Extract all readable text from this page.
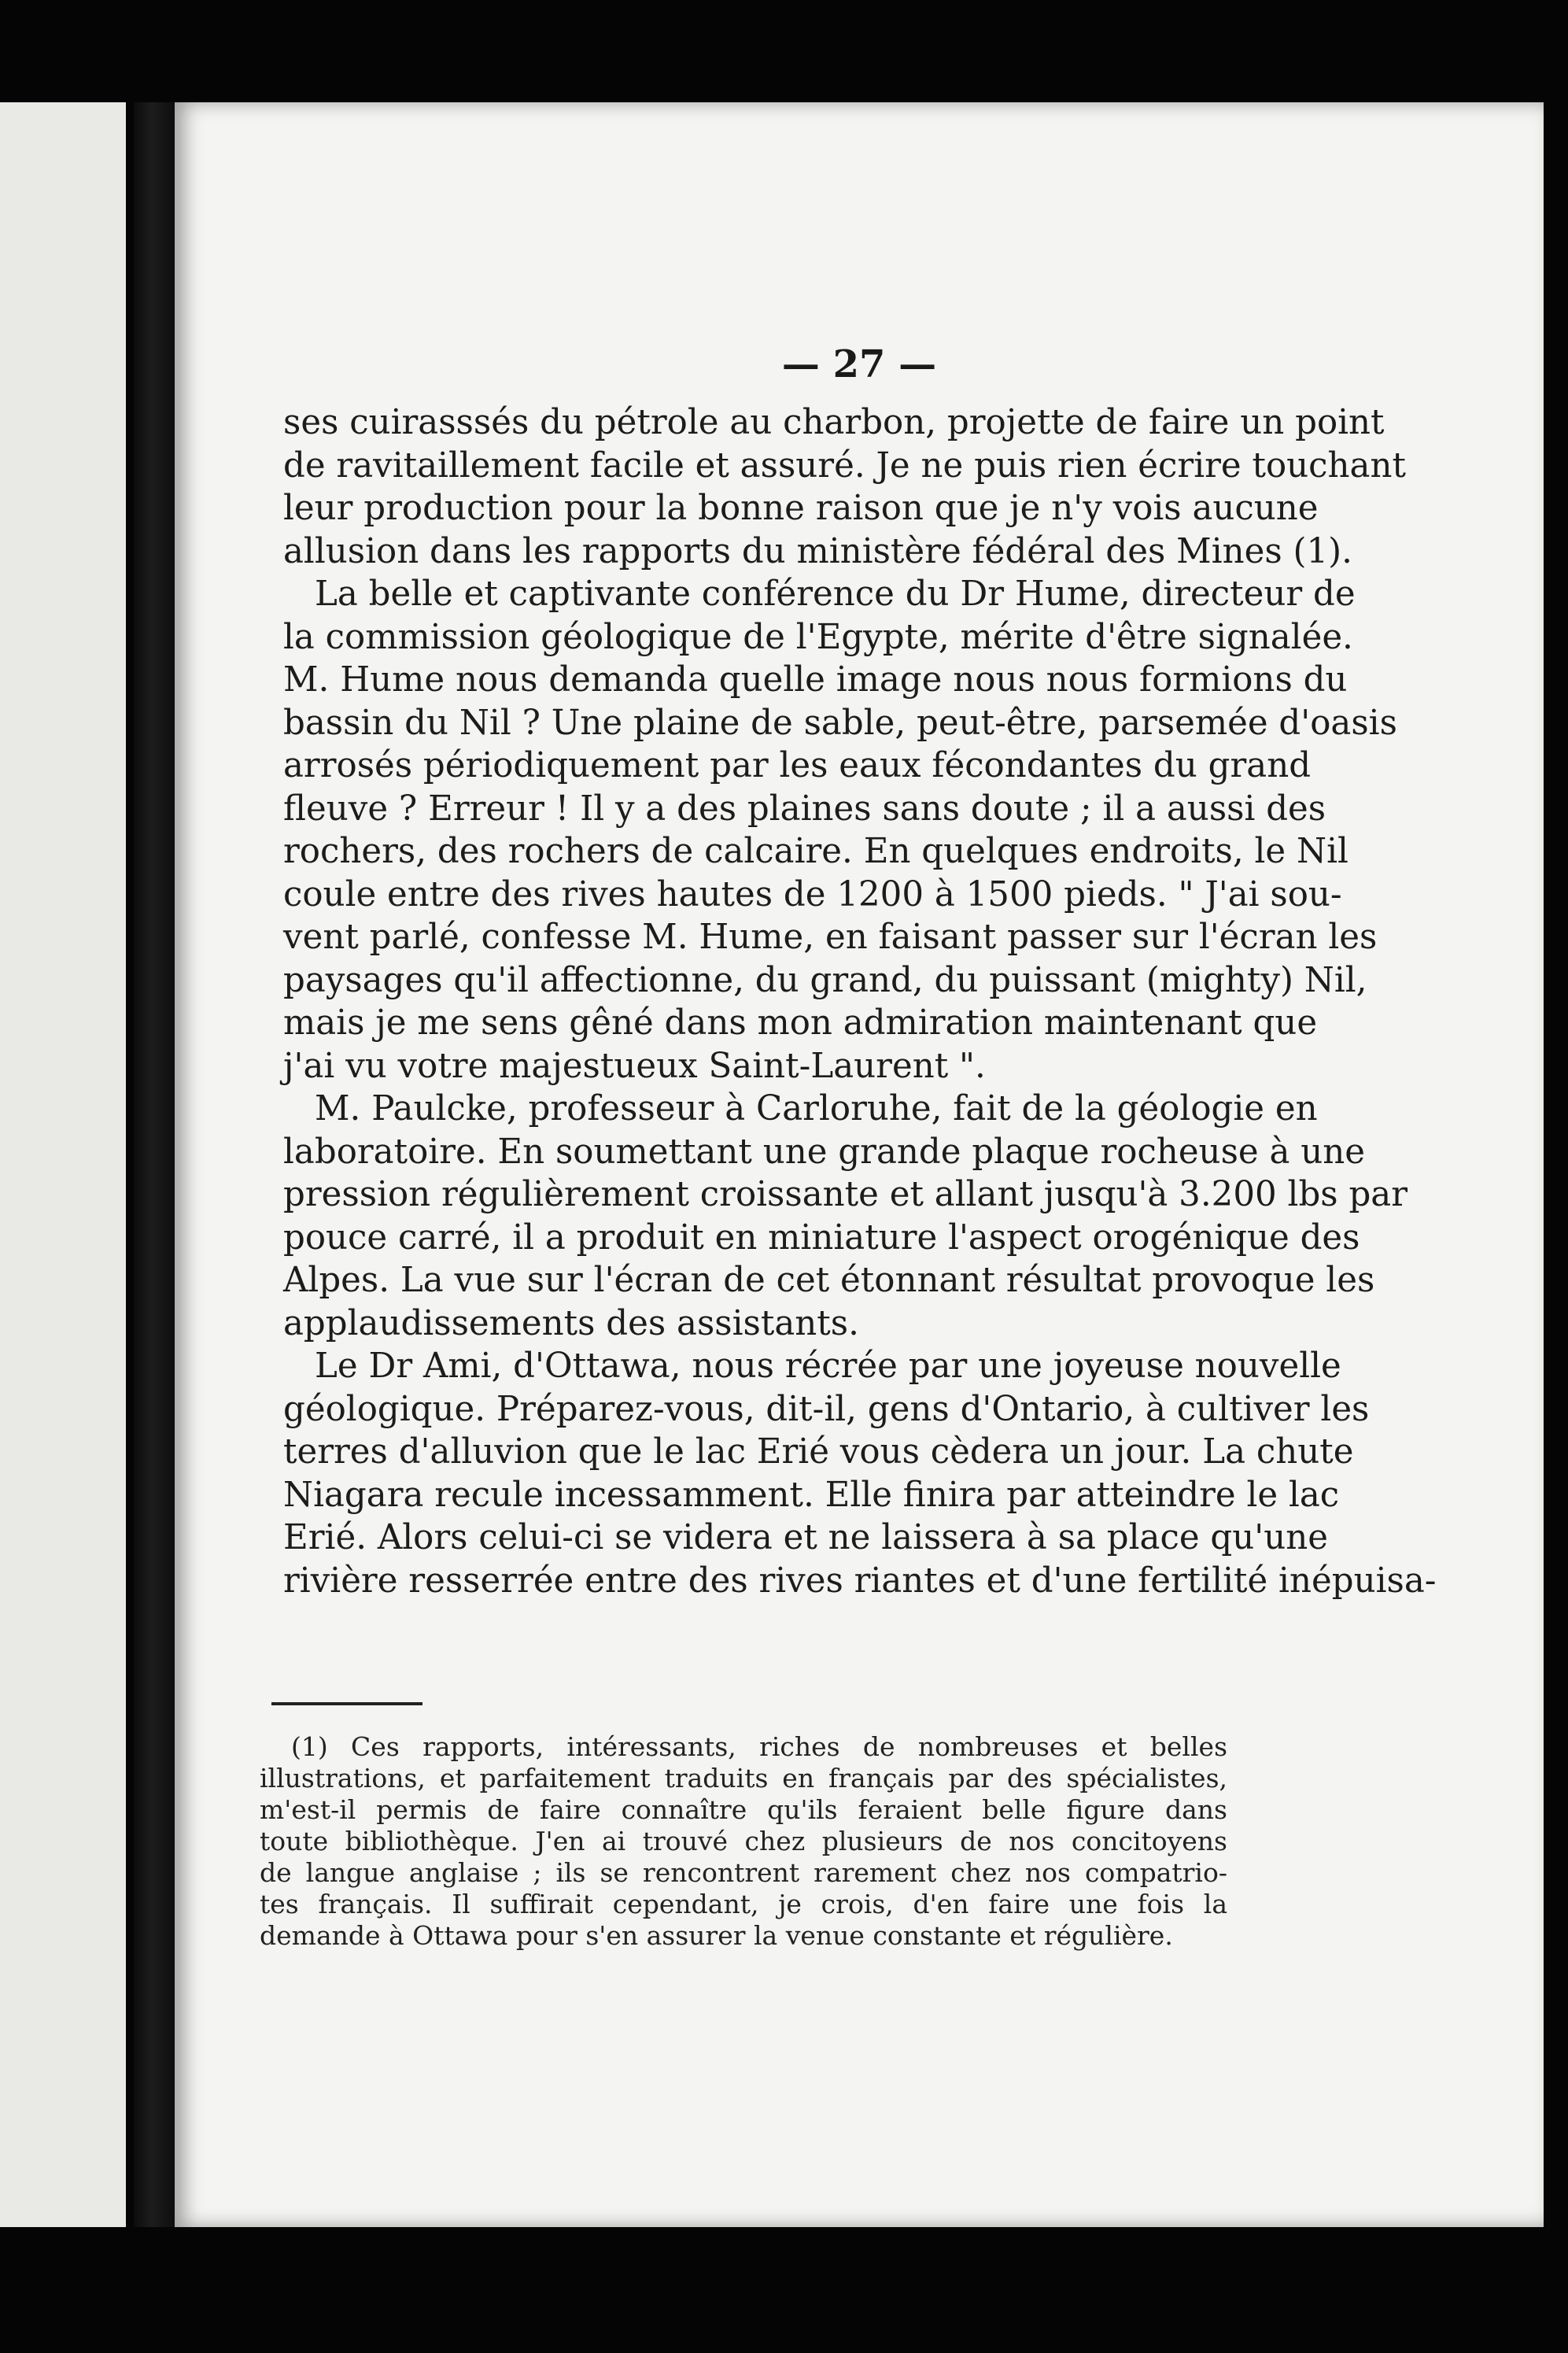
— 27 —
ses cuirasssés du pétrole au charbon, projette de faire un point
de ravitaillement facile et assuré. Je ne puis rien écrire touchant
leur production pour la bonne raison que je n'y vois aucune
allusion dans les rapports du ministère fédéral des Mines (1).
La belle et captivante conférence du Dr Hume, directeur de
la commission géologique de l'Egypte, mérite d'être signalée.
M. Hume nous demanda quelle image nous nous formions du
bassin du Nil ? Une plaine de sable, peut-être, parsemée d'oasis
arrosés périodiquement par les eaux fécondantes du grand
fleuve ? Erreur ! Il y a des plaines sans doute ; il a aussi des
rochers, des rochers de calcaire. En quelques endroits, le Nil
coule entre des rives hautes de 1200 à 1500 pieds. " J'ai sou-
vent parlé, confesse M. Hume, en faisant passer sur l'écran les
paysages qu'il affectionne, du grand, du puissant (mighty) Nil,
mais je me sens gêné dans mon admiration maintenant que
j'ai vu votre majestueux Saint-Laurent ".
M. Paulcke, professeur à Carloruhe, fait de la géologie en
laboratoire. En soumettant une grande plaque rocheuse à une
pression régulièrement croissante et allant jusqu'à 3.200 lbs par
pouce carré, il a produit en miniature l'aspect orogénique des
Alpes. La vue sur l'écran de cet étonnant résultat provoque les
applaudissements des assistants.
Le Dr Ami, d'Ottawa, nous récrée par une joyeuse nouvelle
géologique. Préparez-vous, dit-il, gens d'Ontario, à cultiver les
terres d'alluvion que le lac Erié vous cèdera un jour. La chute
Niagara recule incessamment. Elle finira par atteindre le lac
Erié. Alors celui-ci se videra et ne laissera à sa place qu'une
rivière resserrée entre des rives riantes et d'une fertilité inépuisa-
(1) Ces rapports, intéressants, riches de nombreuses et belles
illustrations, et parfaitement traduits en français par des spécialistes,
m'est-il permis de faire connaître qu'ils feraient belle figure dans
toute bibliothèque. J'en ai trouvé chez plusieurs de nos concitoyens
de langue anglaise ; ils se rencontrent rarement chez nos compatrio-
tes français. Il suffirait cependant, je crois, d'en faire une fois la
demande à Ottawa pour s'en assurer la venue constante et régulière.
